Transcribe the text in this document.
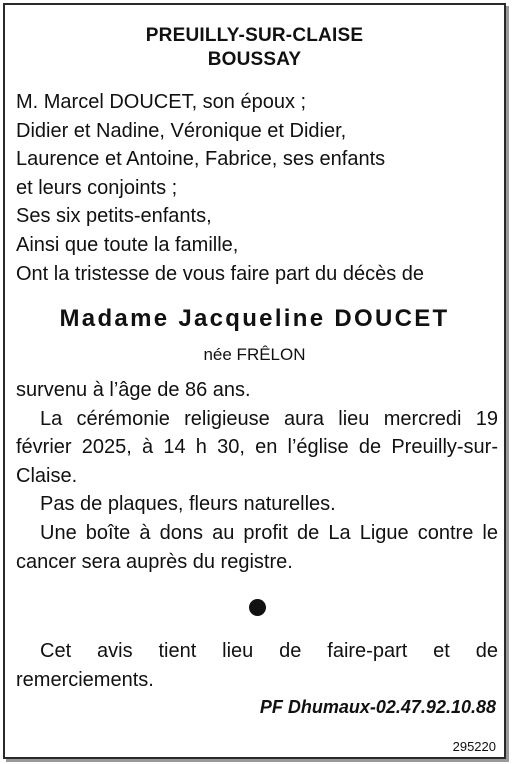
PREUILLY-SUR-CLAISE
BOUSSAY
M. Marcel DOUCET, son époux ;
Didier et Nadine, Véronique et Didier,
Laurence et Antoine, Fabrice, ses enfants
et leurs conjoints ;
Ses six petits-enfants,
Ainsi que toute la famille,
Ont la tristesse de vous faire part du décès de
Madame Jacqueline DOUCET
née FRÊLON

survenu à l’âge de 86 ans.

La cérémonie religieuse aura lieu mercredi 19 février 2025, à 14 h 30, en l’église de Preuilly-sur-Claise.

Pas de plaques, fleurs naturelles.

Une boîte à dons au profit de La Ligue contre le cancer sera auprès du registre.

Cet avis tient lieu de faire-part et de remerciements.

PF Dhumaux-02.47.92.10.88
295220
